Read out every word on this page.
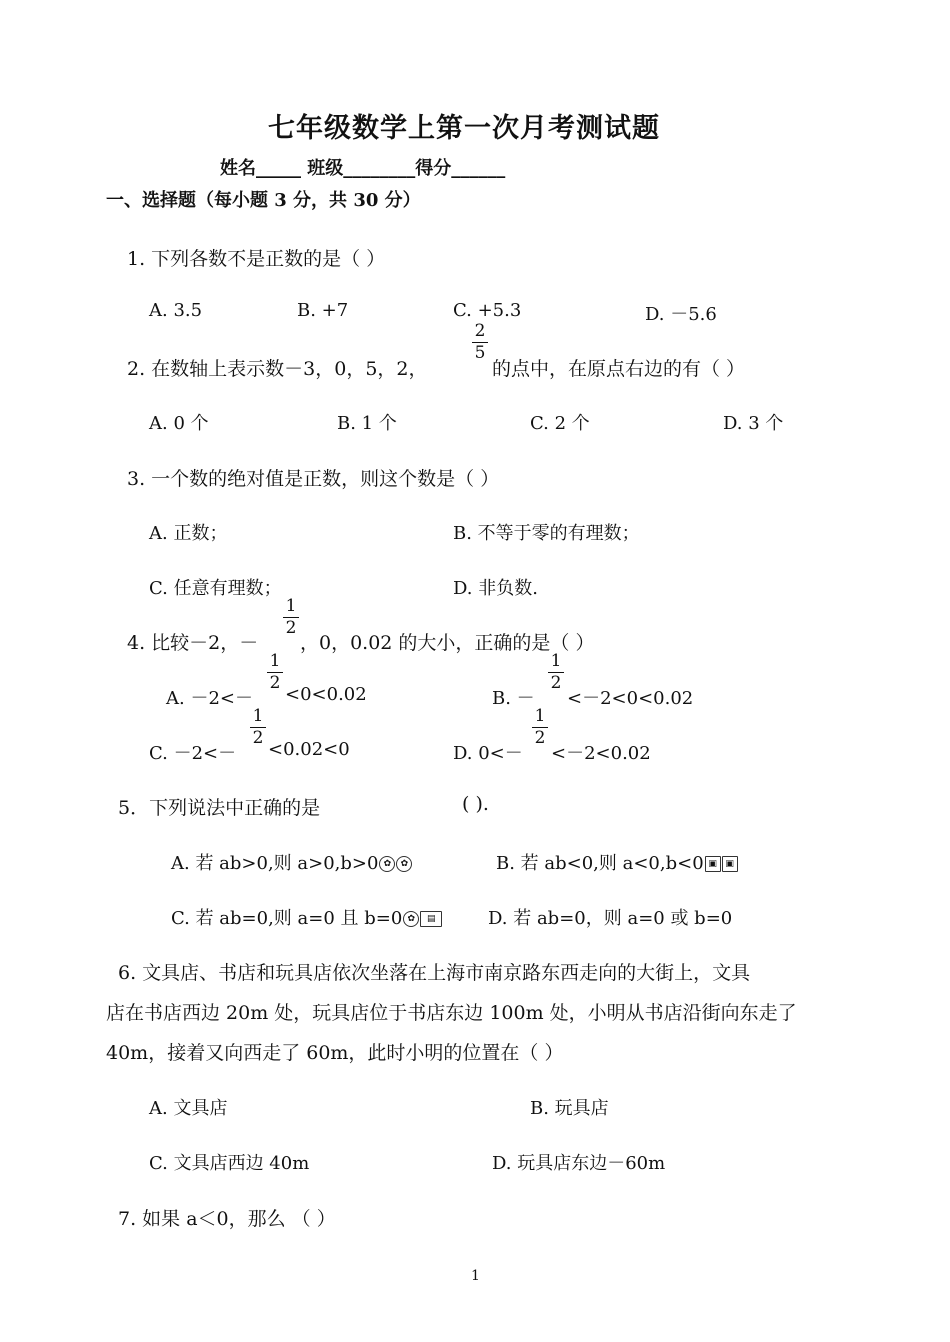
七年级数学上第一次月考测试题
姓名_____ 班级________得分______
一、选择题（每小题 3 分，共 30 分）
1. 下列各数不是正数的是（ ）
A. 3.5	B. +7	C. +5.3	D. －5.6
2. 在数轴上表示数－3，0，5，2，
$\frac{2}{5}$
的点中，在原点右边的有（ ）
A. 0 个	B. 1 个	C. 2 个	D. 3 个
3. 一个数的绝对值是正数，则这个数是（ ）
A. 正数；	B. 不等于零的有理数；
C. 任意有理数；	D. 非负数.
4. 比较－2，－
$\frac{1}{2}$
，0，0.02 的大小，正确的是（ ）
A. －2<－
$\frac{1}{2}$
<0<0.02	B. －
$\frac{1}{2}$
<－2<0<0.02
C. －2<－
$\frac{1}{2}$
<0.02<0	D. 0<－
$\frac{1}{2}$
<－2<0.02
5．下列说法中正确的是	( ).
A. 若 ab>0,则 a>0,b>0 ✿ ✿	B. 若 ab<0,则 a<0,b<0 ▣ ▣
C. 若 ab=0,则 a=0 且 b=0 ✿ ▤	D. 若 ab=0，则 a=0 或 b=0
6. 文具店、书店和玩具店依次坐落在上海市南京路东西走向的大街上，文具
店在书店西边 20m 处，玩具店位于书店东边 100m 处，小明从书店沿街向东走了
40m，接着又向西走了 60m，此时小明的位置在（ ）
A. 文具店	B. 玩具店
C. 文具店西边 40m	D. 玩具店东边－60m
7. 如果 a＜0，那么 （ ）
1
